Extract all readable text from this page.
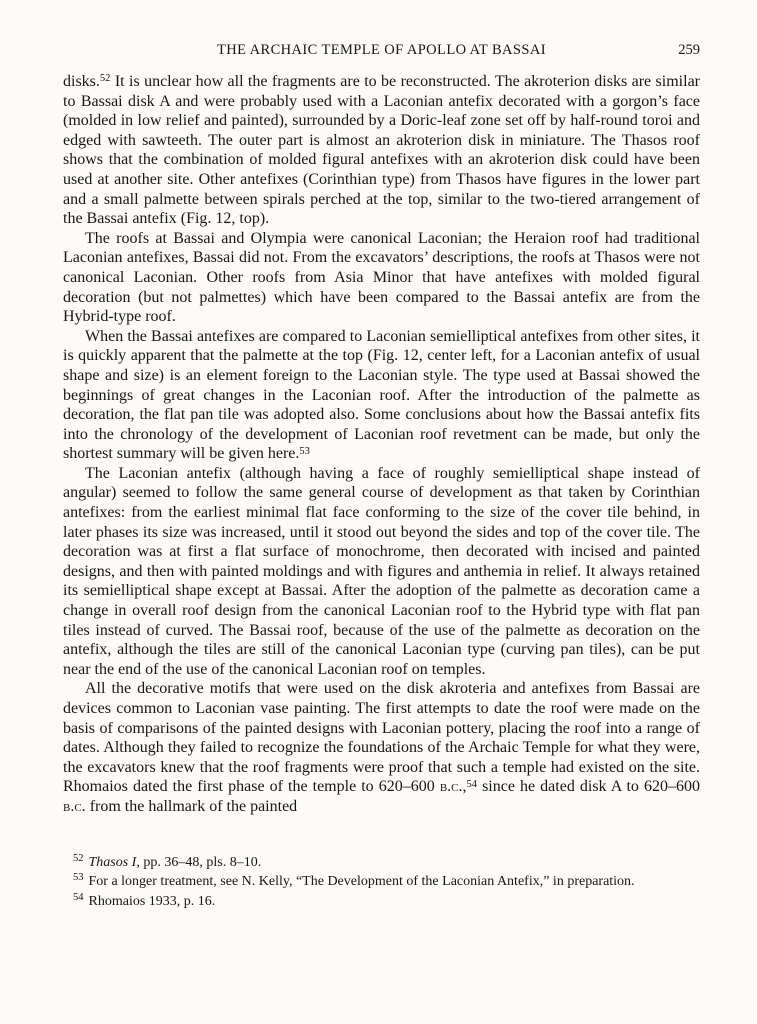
THE ARCHAIC TEMPLE OF APOLLO AT BASSAI	259

disks.$^{52}$ It is unclear how all the fragments are to be reconstructed. The akroterion disks are similar to Bassai disk A and were probably used with a Laconian antefix decorated with a gorgon’s face (molded in low relief and painted), surrounded by a Doric-leaf zone set off by half-round toroi and edged with sawteeth. The outer part is almost an akroterion disk in miniature. The Thasos roof shows that the combination of molded figural antefixes with an akroterion disk could have been used at another site. Other antefixes (Corinthian type) from Thasos have figures in the lower part and a small palmette between spirals perched at the top, similar to the two-tiered arrangement of the Bassai antefix (Fig. 12, top).

The roofs at Bassai and Olympia were canonical Laconian; the Heraion roof had traditional Laconian antefixes, Bassai did not. From the excavators’ descriptions, the roofs at Thasos were not canonical Laconian. Other roofs from Asia Minor that have antefixes with molded figural decoration (but not palmettes) which have been compared to the Bassai antefix are from the Hybrid-type roof.

When the Bassai antefixes are compared to Laconian semielliptical antefixes from other sites, it is quickly apparent that the palmette at the top (Fig. 12, center left, for a Laconian antefix of usual shape and size) is an element foreign to the Laconian style. The type used at Bassai showed the beginnings of great changes in the Laconian roof. After the introduction of the palmette as decoration, the flat pan tile was adopted also. Some conclusions about how the Bassai antefix fits into the chronology of the development of Laconian roof revetment can be made, but only the shortest summary will be given here.$^{53}$

The Laconian antefix (although having a face of roughly semielliptical shape instead of angular) seemed to follow the same general course of development as that taken by Corinthian antefixes: from the earliest minimal flat face conforming to the size of the cover tile behind, in later phases its size was increased, until it stood out beyond the sides and top of the cover tile. The decoration was at first a flat surface of monochrome, then decorated with incised and painted designs, and then with painted moldings and with figures and anthemia in relief. It always retained its semielliptical shape except at Bassai. After the adoption of the palmette as decoration came a change in overall roof design from the canonical Laconian roof to the Hybrid type with flat pan tiles instead of curved. The Bassai roof, because of the use of the palmette as decoration on the antefix, although the tiles are still of the canonical Laconian type (curving pan tiles), can be put near the end of the use of the canonical Laconian roof on temples.

All the decorative motifs that were used on the disk akroteria and antefixes from Bassai are devices common to Laconian vase painting. The first attempts to date the roof were made on the basis of comparisons of the painted designs with Laconian pottery, placing the roof into a range of dates. Although they failed to recognize the foundations of the Archaic Temple for what they were, the excavators knew that the roof fragments were proof that such a temple had existed on the site. Rhomaios dated the first phase of the temple to 620–600 b.c.,$^{54}$ since he dated disk A to 620–600 b.c. from the hallmark of the painted

$^{52}$ Thasos I, pp. 36–48, pls. 8–10.

$^{53}$ For a longer treatment, see N. Kelly, “The Development of the Laconian Antefix,” in preparation.

$^{54}$ Rhomaios 1933, p. 16.
